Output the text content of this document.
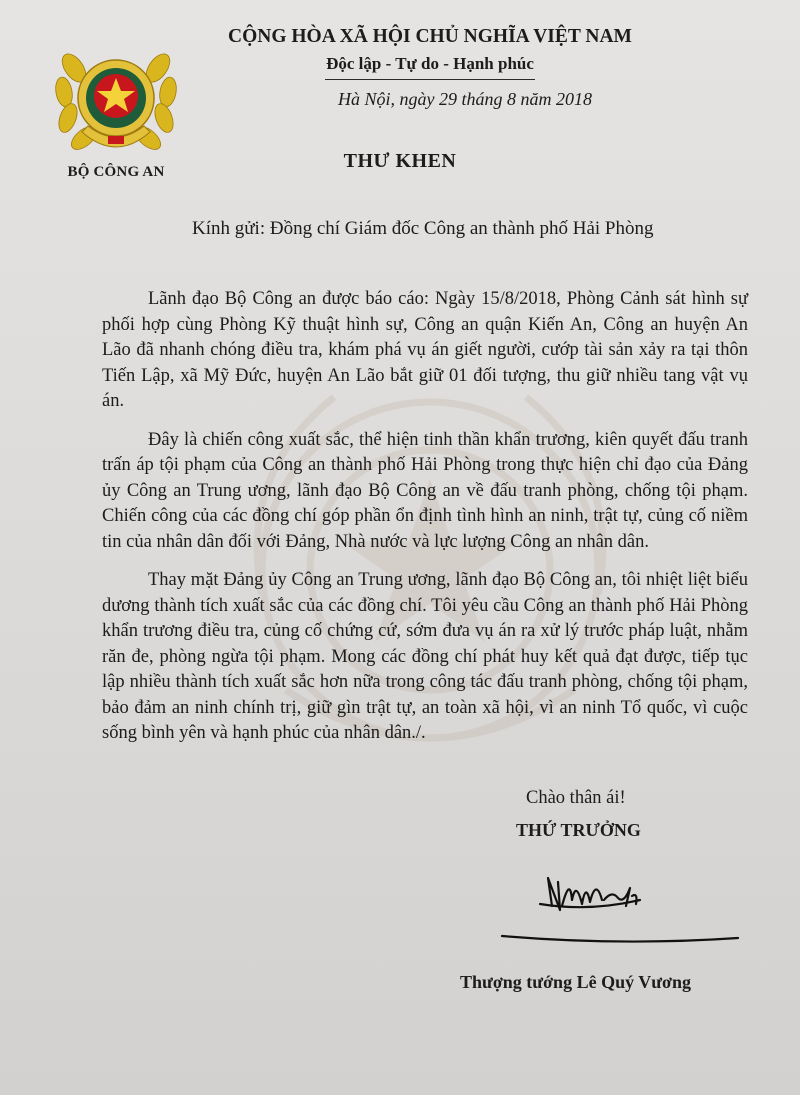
BỘ CÔNG AN
CỘNG HÒA XÃ HỘI CHỦ NGHĨA VIỆT NAM
Độc lập - Tự do - Hạnh phúc
Hà Nội, ngày 29 tháng 8 năm 2018
THƯ KHEN
Kính gửi: Đồng chí Giám đốc Công an thành phố Hải Phòng

Lãnh đạo Bộ Công an được báo cáo: Ngày 15/8/2018, Phòng Cảnh sát hình sự phối hợp cùng Phòng Kỹ thuật hình sự, Công an quận Kiến An, Công an huyện An Lão đã nhanh chóng điều tra, khám phá vụ án giết người, cướp tài sản xảy ra tại thôn Tiến Lập, xã Mỹ Đức, huyện An Lão bắt giữ 01 đối tượng, thu giữ nhiều tang vật vụ án.

Đây là chiến công xuất sắc, thể hiện tinh thần khẩn trương, kiên quyết đấu tranh trấn áp tội phạm của Công an thành phố Hải Phòng trong thực hiện chỉ đạo của Đảng ủy Công an Trung ương, lãnh đạo Bộ Công an về đấu tranh phòng, chống tội phạm. Chiến công của các đồng chí góp phần ổn định tình hình an ninh, trật tự, củng cố niềm tin của nhân dân đối với Đảng, Nhà nước và lực lượng Công an nhân dân.

Thay mặt Đảng ủy Công an Trung ương, lãnh đạo Bộ Công an, tôi nhiệt liệt biểu dương thành tích xuất sắc của các đồng chí. Tôi yêu cầu Công an thành phố Hải Phòng khẩn trương điều tra, củng cố chứng cứ, sớm đưa vụ án ra xử lý trước pháp luật, nhằm răn đe, phòng ngừa tội phạm. Mong các đồng chí phát huy kết quả đạt được, tiếp tục lập nhiều thành tích xuất sắc hơn nữa trong công tác đấu tranh phòng, chống tội phạm, bảo đảm an ninh chính trị, giữ gìn trật tự, an toàn xã hội, vì an ninh Tổ quốc, vì cuộc sống bình yên và hạnh phúc của nhân dân./.

Chào thân ái!
THỨ TRƯỞNG
Thượng tướng Lê Quý Vương
